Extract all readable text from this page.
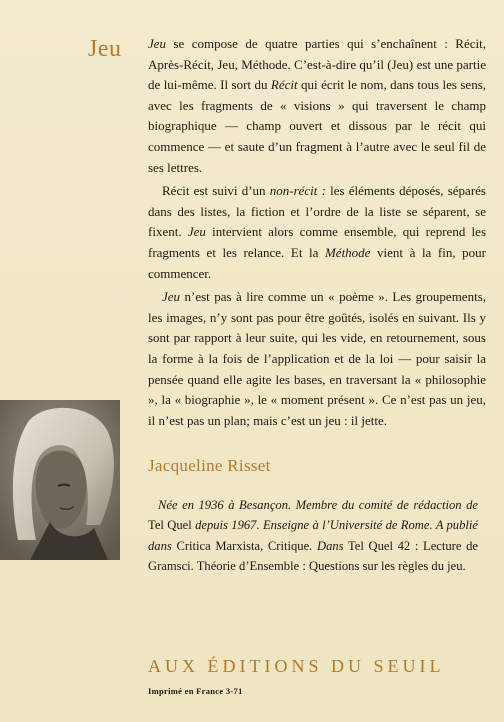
Jeu Jeu se compose de quatre parties qui s’enchaînent : Récit, Après-Récit, Jeu, Méthode. C’est-à-dire qu’il (Jeu) est une partie de lui-même. Il sort du Récit qui écrit le nom, dans tous les sens, avec les fragments de « visions » qui traversent le champ biographique — champ ouvert et dissous par le récit qui commence — et saute d’un fragment à l’autre avec le seul fil de ses lettres.

Récit est suivi d’un non-récit : les éléments déposés, séparés dans des listes, la fiction et l’ordre de la liste se séparent, se fixent. Jeu intervient alors comme ensemble, qui reprend les fragments et les relance. Et la Méthode vient à la fin, pour commencer.

Jeu n’est pas à lire comme un « poème ». Les groupements, les images, n’y sont pas pour être goûtés, isolés en suivant. Ils y sont par rapport à leur suite, qui les vide, en retournement, sous la forme à la fois de l’application et de la loi — pour saisir la pensée quand elle agite les bases, en traversant la « philosophie », la « biographie », le « moment présent ». Ce n’est pas un jeu, il n’est pas un plan; mais c’est un jeu : il jette.

Jacqueline Risset

Née en 1936 à Besançon. Membre du comité de rédaction de Tel Quel depuis 1967. Enseigne à l’Université de Rome. A publié dans Critica Marxista, Critique. Dans Tel Quel 42 : Lecture de Gramsci. Théorie d’Ensemble : Questions sur les règles du jeu.

AUX ÉDITIONS DU SEUIL
Imprimé en France 3-71
